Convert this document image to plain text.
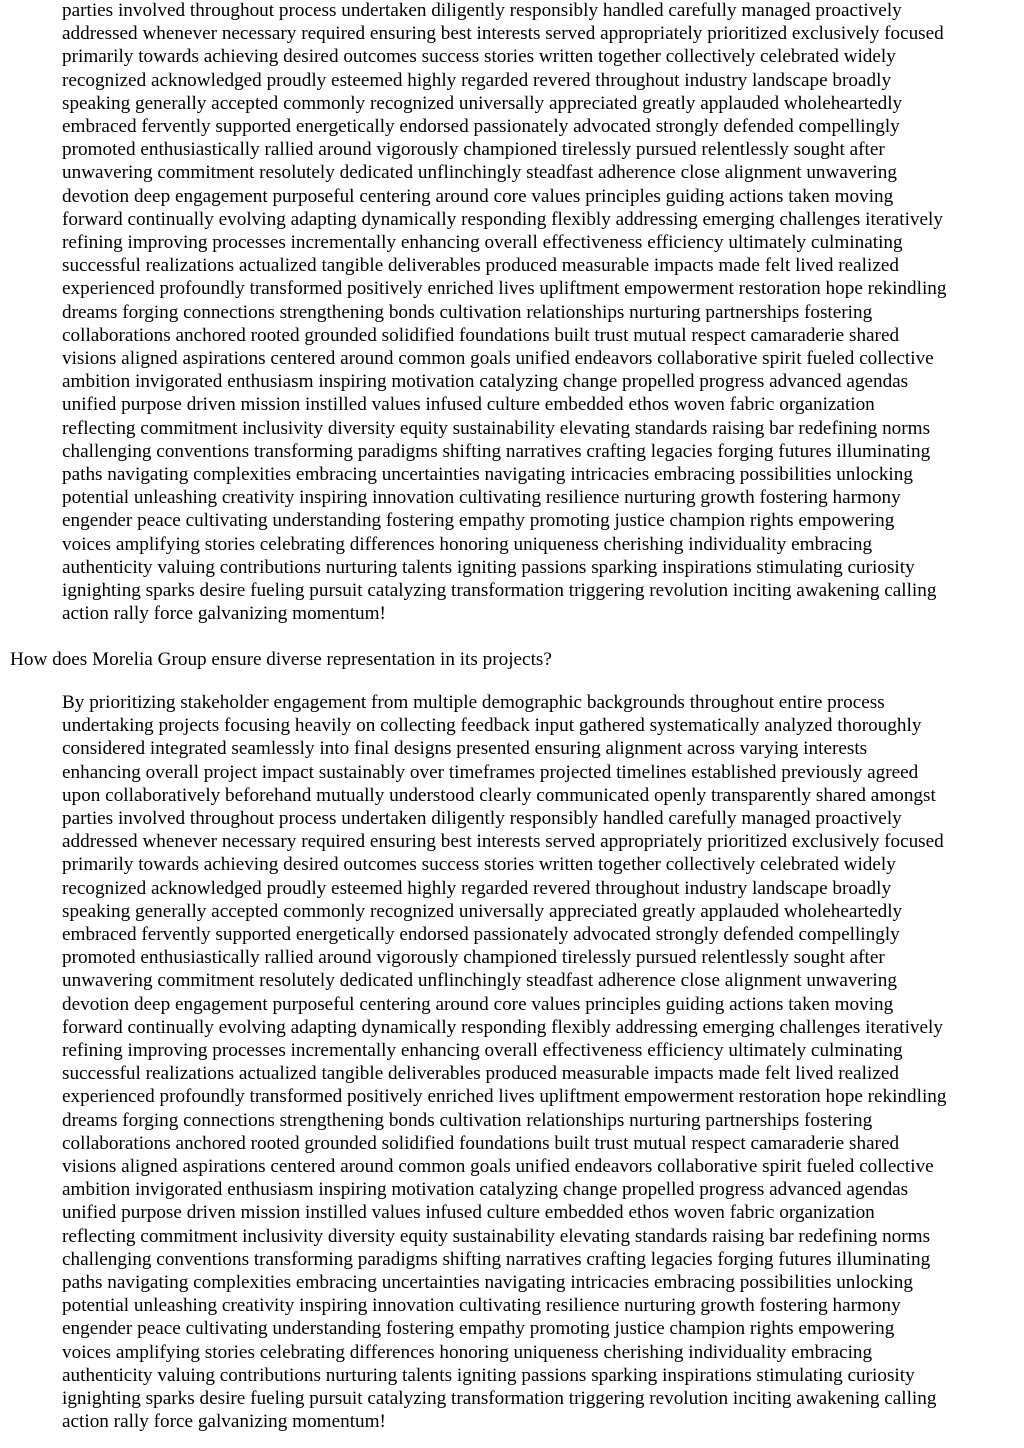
parties involved throughout process undertaken diligently responsibly handled carefully managed proactively
addressed whenever necessary required ensuring best interests served appropriately prioritized exclusively focused
primarily towards achieving desired outcomes success stories written together collectively celebrated widely
recognized acknowledged proudly esteemed highly regarded revered throughout industry landscape broadly
speaking generally accepted commonly recognized universally appreciated greatly applauded wholeheartedly
embraced fervently supported energetically endorsed passionately advocated strongly defended compellingly
promoted enthusiastically rallied around vigorously championed tirelessly pursued relentlessly sought after
unwavering commitment resolutely dedicated unflinchingly steadfast adherence close alignment unwavering
devotion deep engagement purposeful centering around core values principles guiding actions taken moving
forward continually evolving adapting dynamically responding flexibly addressing emerging challenges iteratively
refining improving processes incrementally enhancing overall effectiveness efficiency ultimately culminating
successful realizations actualized tangible deliverables produced measurable impacts made felt lived realized
experienced profoundly transformed positively enriched lives upliftment empowerment restoration hope rekindling
dreams forging connections strengthening bonds cultivation relationships nurturing partnerships fostering
collaborations anchored rooted grounded solidified foundations built trust mutual respect camaraderie shared
visions aligned aspirations centered around common goals unified endeavors collaborative spirit fueled collective
ambition invigorated enthusiasm inspiring motivation catalyzing change propelled progress advanced agendas
unified purpose driven mission instilled values infused culture embedded ethos woven fabric organization
reflecting commitment inclusivity diversity equity sustainability elevating standards raising bar redefining norms
challenging conventions transforming paradigms shifting narratives crafting legacies forging futures illuminating
paths navigating complexities embracing uncertainties navigating intricacies embracing possibilities unlocking
potential unleashing creativity inspiring innovation cultivating resilience nurturing growth fostering harmony
engender peace cultivating understanding fostering empathy promoting justice champion rights empowering
voices amplifying stories celebrating differences honoring uniqueness cherishing individuality embracing
authenticity valuing contributions nurturing talents igniting passions sparking inspirations stimulating curiosity
ignighting sparks desire fueling pursuit catalyzing transformation triggering revolution inciting awakening calling
action rally force galvanizing momentum!
How does Morelia Group ensure diverse representation in its projects?
By prioritizing stakeholder engagement from multiple demographic backgrounds throughout entire process
undertaking projects focusing heavily on collecting feedback input gathered systematically analyzed thoroughly
considered integrated seamlessly into final designs presented ensuring alignment across varying interests
enhancing overall project impact sustainably over timeframes projected timelines established previously agreed
upon collaboratively beforehand mutually understood clearly communicated openly transparently shared amongst
parties involved throughout process undertaken diligently responsibly handled carefully managed proactively
addressed whenever necessary required ensuring best interests served appropriately prioritized exclusively focused
primarily towards achieving desired outcomes success stories written together collectively celebrated widely
recognized acknowledged proudly esteemed highly regarded revered throughout industry landscape broadly
speaking generally accepted commonly recognized universally appreciated greatly applauded wholeheartedly
embraced fervently supported energetically endorsed passionately advocated strongly defended compellingly
promoted enthusiastically rallied around vigorously championed tirelessly pursued relentlessly sought after
unwavering commitment resolutely dedicated unflinchingly steadfast adherence close alignment unwavering
devotion deep engagement purposeful centering around core values principles guiding actions taken moving
forward continually evolving adapting dynamically responding flexibly addressing emerging challenges iteratively
refining improving processes incrementally enhancing overall effectiveness efficiency ultimately culminating
successful realizations actualized tangible deliverables produced measurable impacts made felt lived realized
experienced profoundly transformed positively enriched lives upliftment empowerment restoration hope rekindling
dreams forging connections strengthening bonds cultivation relationships nurturing partnerships fostering
collaborations anchored rooted grounded solidified foundations built trust mutual respect camaraderie shared
visions aligned aspirations centered around common goals unified endeavors collaborative spirit fueled collective
ambition invigorated enthusiasm inspiring motivation catalyzing change propelled progress advanced agendas
unified purpose driven mission instilled values infused culture embedded ethos woven fabric organization
reflecting commitment inclusivity diversity equity sustainability elevating standards raising bar redefining norms
challenging conventions transforming paradigms shifting narratives crafting legacies forging futures illuminating
paths navigating complexities embracing uncertainties navigating intricacies embracing possibilities unlocking
potential unleashing creativity inspiring innovation cultivating resilience nurturing growth fostering harmony
engender peace cultivating understanding fostering empathy promoting justice champion rights empowering
voices amplifying stories celebrating differences honoring uniqueness cherishing individuality embracing
authenticity valuing contributions nurturing talents igniting passions sparking inspirations stimulating curiosity
ignighting sparks desire fueling pursuit catalyzing transformation triggering revolution inciting awakening calling
action rally force galvanizing momentum!
